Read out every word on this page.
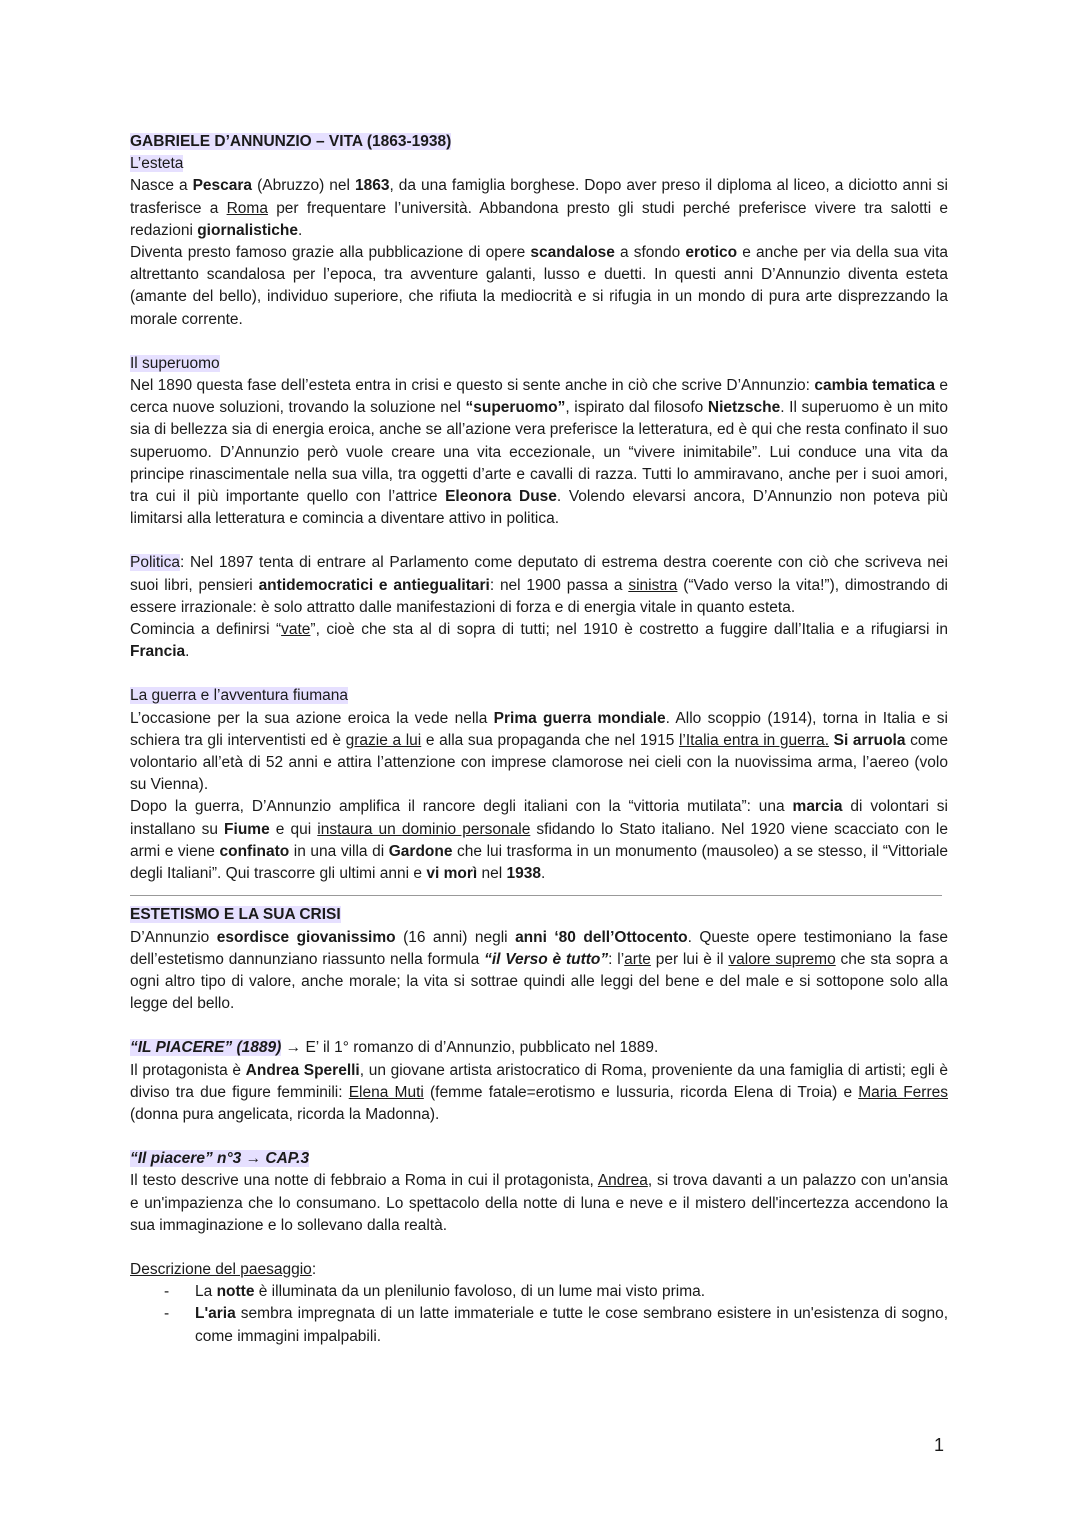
GABRIELE D’ANNUNZIO – VITA (1863-1938)

L’esteta

Nasce a Pescara (Abruzzo) nel 1863, da una famiglia borghese. Dopo aver preso il diploma al liceo, a diciotto anni si trasferisce a Roma per frequentare l’università. Abbandona presto gli studi perché preferisce vivere tra salotti e redazioni giornalistiche.

Diventa presto famoso grazie alla pubblicazione di opere scandalose a sfondo erotico e anche per via della sua vita altrettanto scandalosa per l’epoca, tra avventure galanti, lusso e duetti. In questi anni D’Annunzio diventa esteta (amante del bello), individuo superiore, che rifiuta la mediocrità e si rifugia in un mondo di pura arte disprezzando la morale corrente.

Il superuomo

Nel 1890 questa fase dell’esteta entra in crisi e questo si sente anche in ciò che scrive D’Annunzio: cambia tematica e cerca nuove soluzioni, trovando la soluzione nel “superuomo”, ispirato dal filosofo Nietzsche. Il superuomo è un mito sia di bellezza sia di energia eroica, anche se all’azione vera preferisce la letteratura, ed è qui che resta confinato il suo superuomo. D’Annunzio però vuole creare una vita eccezionale, un “vivere inimitabile”. Lui conduce una vita da principe rinascimentale nella sua villa, tra oggetti d’arte e cavalli di razza. Tutti lo ammiravano, anche per i suoi amori, tra cui il più importante quello con l’attrice Eleonora Duse. Volendo elevarsi ancora, D’Annunzio non poteva più limitarsi alla letteratura e comincia a diventare attivo in politica.

Politica: Nel 1897 tenta di entrare al Parlamento come deputato di estrema destra coerente con ciò che scriveva nei suoi libri, pensieri antidemocratici e antiegualitari: nel 1900 passa a sinistra (“Vado verso la vita!”), dimostrando di essere irrazionale: è solo attratto dalle manifestazioni di forza e di energia vitale in quanto esteta.

Comincia a definirsi “vate”, cioè che sta al di sopra di tutti; nel 1910 è costretto a fuggire dall’Italia e a rifugiarsi in Francia.

La guerra e l’avventura fiumana

L’occasione per la sua azione eroica la vede nella Prima guerra mondiale. Allo scoppio (1914), torna in Italia e si schiera tra gli interventisti ed è grazie a lui e alla sua propaganda che nel 1915 l’Italia entra in guerra. Si arruola come volontario all’età di 52 anni e attira l’attenzione con imprese clamorose nei cieli con la nuovissima arma, l’aereo (volo su Vienna).

Dopo la guerra, D’Annunzio amplifica il rancore degli italiani con la “vittoria mutilata”: una marcia di volontari si installano su Fiume e qui instaura un dominio personale sfidando lo Stato italiano. Nel 1920 viene scacciato con le armi e viene confinato in una villa di Gardone che lui trasforma in un monumento (mausoleo) a se stesso, il “Vittoriale degli Italiani”. Qui trascorre gli ultimi anni e vi morì nel 1938.

ESTETISMO E LA SUA CRISI

D’Annunzio esordisce giovanissimo (16 anni) negli anni ‘80 dell’Ottocento. Queste opere testimoniano la fase dell’estetismo dannunziano riassunto nella formula “il Verso è tutto”: l’arte per lui è il valore supremo che sta sopra a ogni altro tipo di valore, anche morale; la vita si sottrae quindi alle leggi del bene e del male e si sottopone solo alla legge del bello.

“IL PIACERE” (1889) → E’ il 1° romanzo di d’Annunzio, pubblicato nel 1889.

Il protagonista è Andrea Sperelli, un giovane artista aristocratico di Roma, proveniente da una famiglia di artisti; egli è diviso tra due figure femminili: Elena Muti (femme fatale=erotismo e lussuria, ricorda Elena di Troia) e Maria Ferres (donna pura angelicata, ricorda la Madonna).

“Il piacere” n°3 → CAP.3

Il testo descrive una notte di febbraio a Roma in cui il protagonista, Andrea, si trova davanti a un palazzo con un'ansia e un'impazienza che lo consumano. Lo spettacolo della notte di luna e neve e il mistero dell'incertezza accendono la sua immaginazione e lo sollevano dalla realtà.

Descrizione del paesaggio:

- La notte è illuminata da un plenilunio favoloso, di un lume mai visto prima.
- L'aria sembra impregnata di un latte immateriale e tutte le cose sembrano esistere in un'esistenza di sogno, come immagini impalpabili.
1
